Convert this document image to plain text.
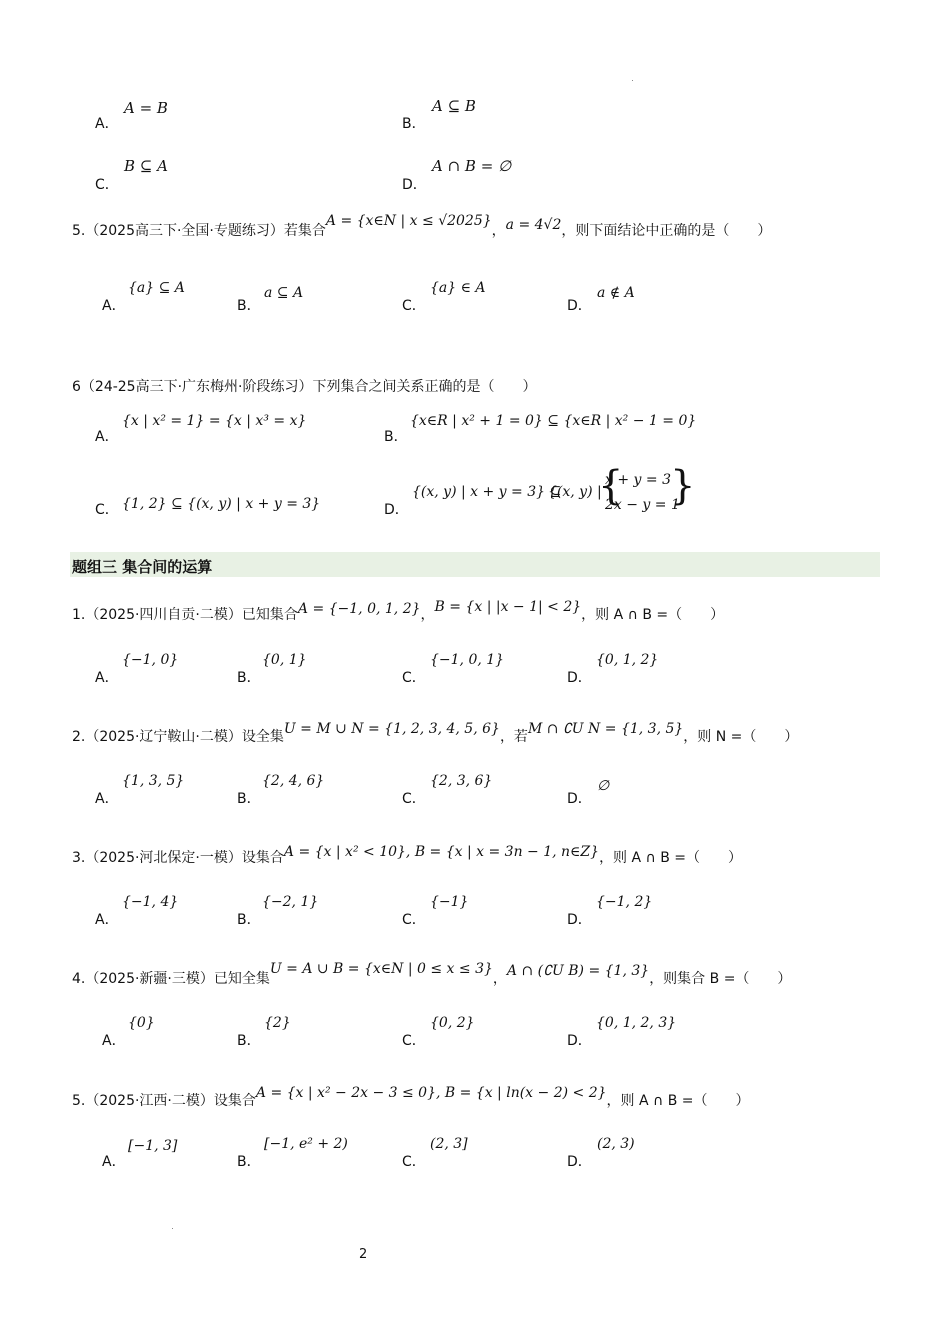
A．
A = B
B．
A ⊆ B
C．
B ⊆ A
D．
A ∩ B = ∅
5.（2025高三下·全国·专题练习）若集合A = {x∈N | x ≤ √2025}，a = 4√2，则下面结论中正确的是（　　）
A．
{a} ⊆ A
B．
a ⊆ A
C．
{a} ∈ A
D．
a ∉ A
6（24-25高三下·广东梅州·阶段练习）下列集合之间关系正确的是（　　）
A．
{x | x² = 1} = {x | x³ = x}
B．
{x∈R | x² + 1 = 0} ⊆ {x∈R | x² − 1 = 0}
C． {1, 2} ⊆ {(x, y) | x + y = 3}	D．
{(x, y) | x + y = 3} ⊆
{(x, y) |
{
x + y = 3
2x − y = 1
}
题组三 集合间的运算
1.（2025·四川自贡·二模）已知集合A = {−1, 0, 1, 2}，B = {x | |x − 1| < 2}，则 A ∩ B =（　　）
A．
{−1, 0}
B．
{0, 1}
C．
{−1, 0, 1}
D．
{0, 1, 2}
2.（2025·辽宁鞍山·二模）设全集U = M ∪ N = {1, 2, 3, 4, 5, 6}，若M ∩ ∁U N = {1, 3, 5}，则 N =（　　）
A．
{1, 3, 5}
B．
{2, 4, 6}
C．
{2, 3, 6}
D．
∅
3.（2025·河北保定·一模）设集合A = {x | x² < 10}, B = {x | x = 3n − 1, n∈Z}，则 A ∩ B =（　　）
A．
{−1, 4}
B．
{−2, 1}
C．
{−1}
D．
{−1, 2}
4.（2025·新疆·三模）已知全集U = A ∪ B = {x∈N | 0 ≤ x ≤ 3}，A ∩ (∁U B) = {1, 3}，则集合 B =（　　）
A．
{0}
B．
{2}
C．
{0, 2}
D．
{0, 1, 2, 3}
5.（2025·江西·二模）设集合A = {x | x² − 2x − 3 ≤ 0}, B = {x | ln(x − 2) < 2}，则 A ∩ B =（　　）
A．
[−1, 3]
B．
[−1, e² + 2)
C．
(2, 3]
D．
(2, 3)
2
